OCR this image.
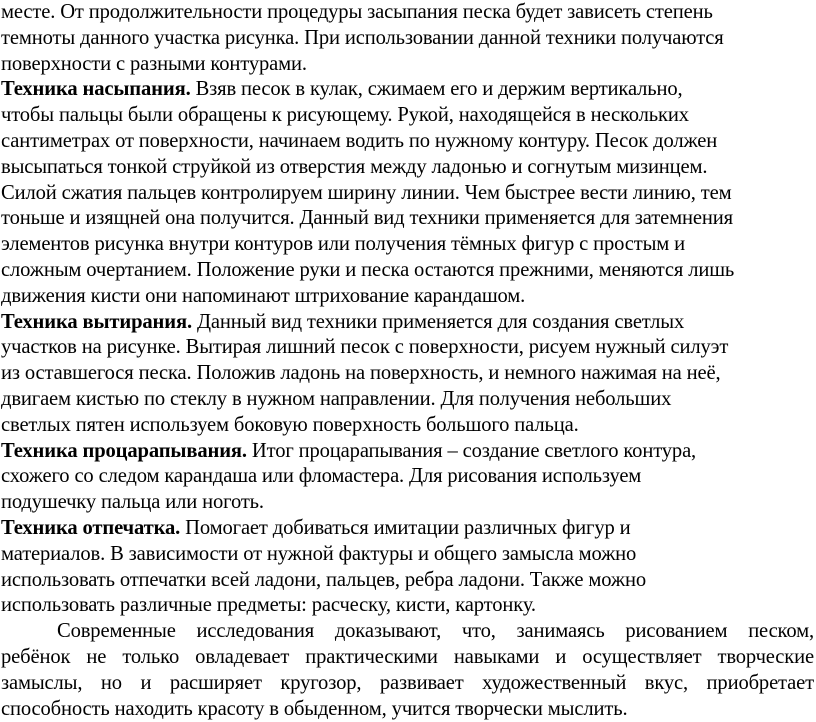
месте. От продолжительности процедуры засыпания песка будет зависеть степень
темноты данного участка рисунка. При использовании данной техники получаются
поверхности с разными контурами.
Техника насыпания. Взяв песок в кулак, сжимаем его и держим вертикально,
чтобы пальцы были обращены к рисующему. Рукой, находящейся в нескольких
сантиметрах от поверхности, начинаем водить по нужному контуру. Песок должен
высыпаться тонкой струйкой из отверстия между ладонью и согнутым мизинцем.
Силой сжатия пальцев контролируем ширину линии. Чем быстрее вести линию, тем
тоньше и изящней она получится. Данный вид техники применяется для затемнения
элементов рисунка внутри контуров или получения тёмных фигур с простым и
сложным очертанием. Положение руки и песка остаются прежними, меняются лишь
движения кисти они напоминают штрихование карандашом.
Техника вытирания. Данный вид техники применяется для создания светлых
участков на рисунке. Вытирая лишний песок с поверхности, рисуем нужный силуэт
из оставшегося песка. Положив ладонь на поверхность, и немного нажимая на неё,
двигаем кистью по стеклу в нужном направлении. Для получения небольших
светлых пятен используем боковую поверхность большого пальца.
Техника процарапывания. Итог процарапывания – создание светлого контура,
схожего со следом карандаша или фломастера. Для рисования используем
подушечку пальца или ноготь.
Техника отпечатка. Помогает добиваться имитации различных фигур и
материалов. В зависимости от нужной фактуры и общего замысла можно
использовать отпечатки всей ладони, пальцев, ребра ладони. Также можно
использовать различные предметы: расческу, кисти, картонку.
Современные исследования доказывают, что, занимаясь рисованием песком,
ребёнок не только овладевает практическими навыками и осуществляет творческие
замыслы, но и расширяет кругозор, развивает художественный вкус, приобретает
способность находить красоту в обыденном, учится творчески мыслить.
